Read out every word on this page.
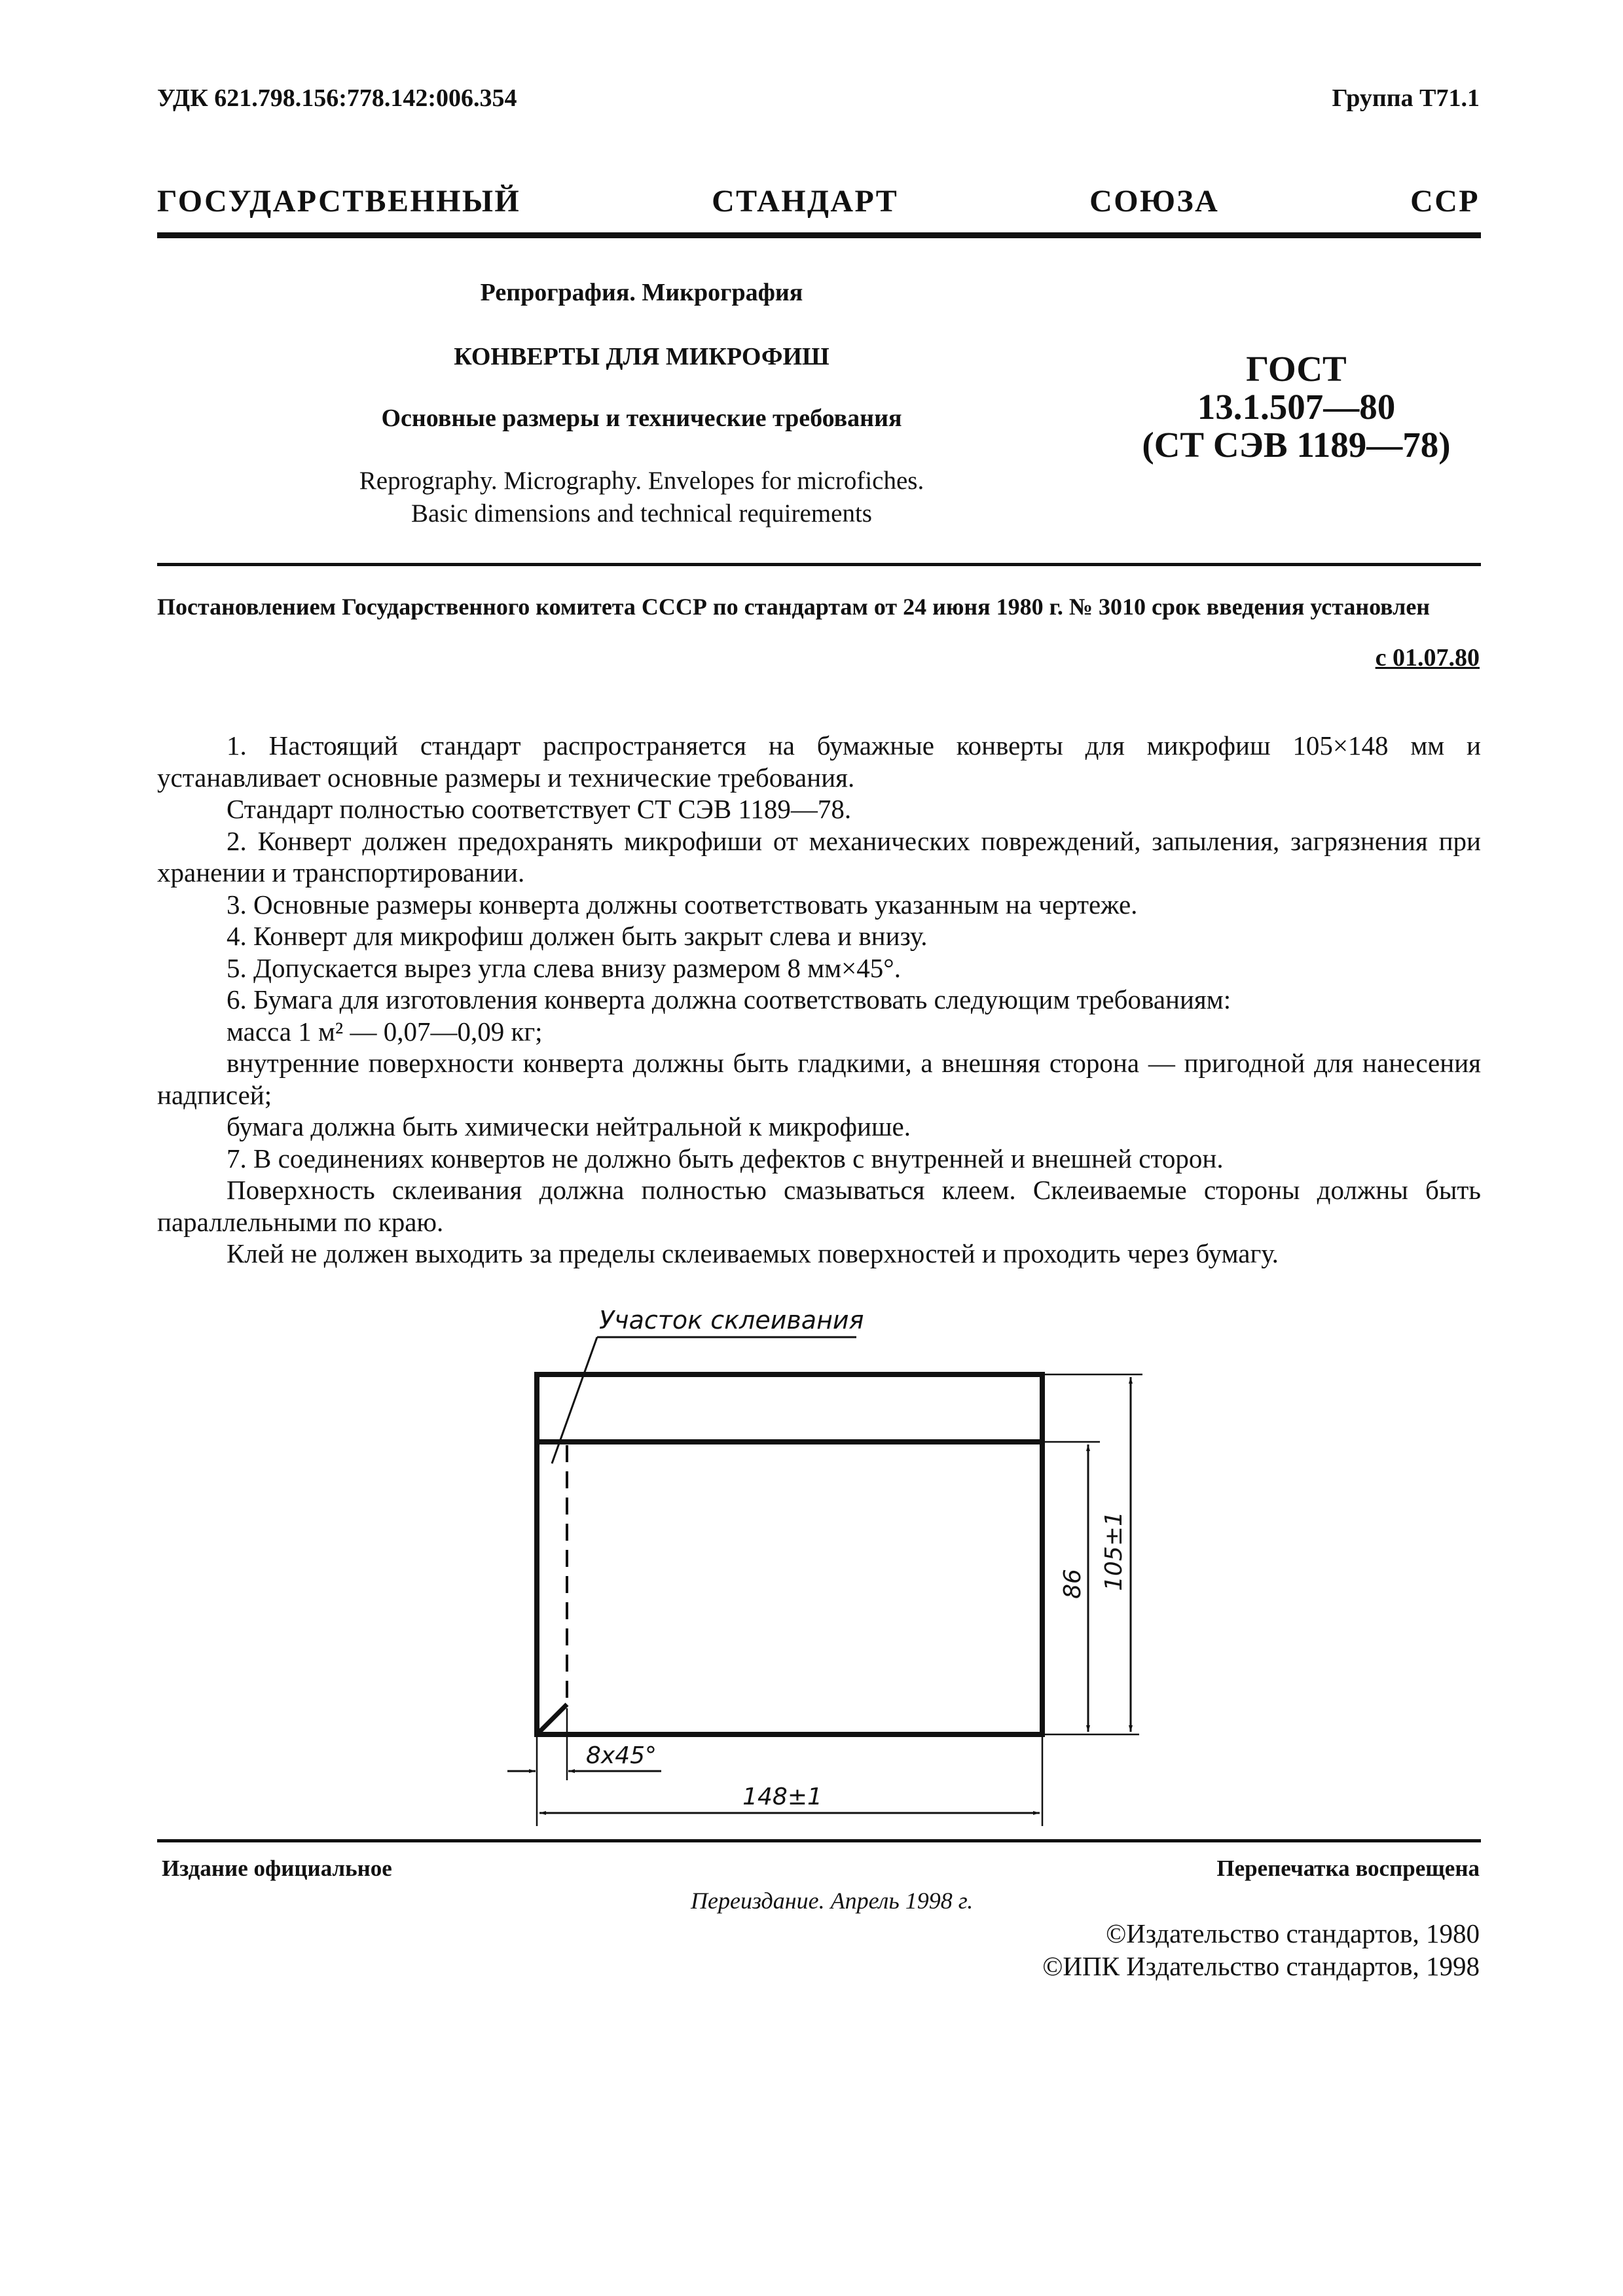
УДК 621.798.156:778.142:006.354	Группа Т71.1
ГОСУДАРСТВЕННЫЙ	СТАНДАРТ	СОЮЗА	ССР
Репрография. Микрография
КОНВЕРТЫ ДЛЯ МИКРОФИШ
Основные размеры и технические требования
Reprography. Micrography. Envelopes for microfiches.
Basic dimensions and technical requirements
ГОСТ
13.1.507—80
(СТ СЭВ 1189—78)
Постановлением Государственного комитета СССР по стандартам от 24 июня 1980 г. № 3010 срок введения установлен
с 01.07.80

1. Настоящий стандарт распространяется на бумажные конверты для микрофиш 105×148 мм и устанавливает основные размеры и технические требования.

Стандарт полностью соответствует СТ СЭВ 1189—78.

2. Конверт должен предохранять микрофиши от механических повреждений, запыления, загрязнения при хранении и транспортировании.

3. Основные размеры конверта должны соответствовать указанным на чертеже.

4. Конверт для микрофиш должен быть закрыт слева и внизу.

5. Допускается вырез угла слева внизу размером 8 мм×45°.

6. Бумага для изготовления конверта должна соответствовать следующим требованиям:

масса 1 м² — 0,07—0,09 кг;

внутренние поверхности конверта должны быть гладкими, а внешняя сторона — пригодной для нанесения надписей;

бумага должна быть химически нейтральной к микрофише.

7. В соединениях конвертов не должно быть дефектов с внутренней и внешней сторон.

Поверхность склеивания должна полностью смазываться клеем. Склеиваемые стороны должны быть параллельными по краю.

Клей не должен выходить за пределы склеиваемых поверхностей и проходить через бумагу.

Участок склеивания
86 105±1
8х45°
148±1
Издание официальное	Перепечатка воспрещена
Переиздание. Апрель 1998 г.
©Издательство стандартов, 1980
©ИПК Издательство стандартов, 1998
